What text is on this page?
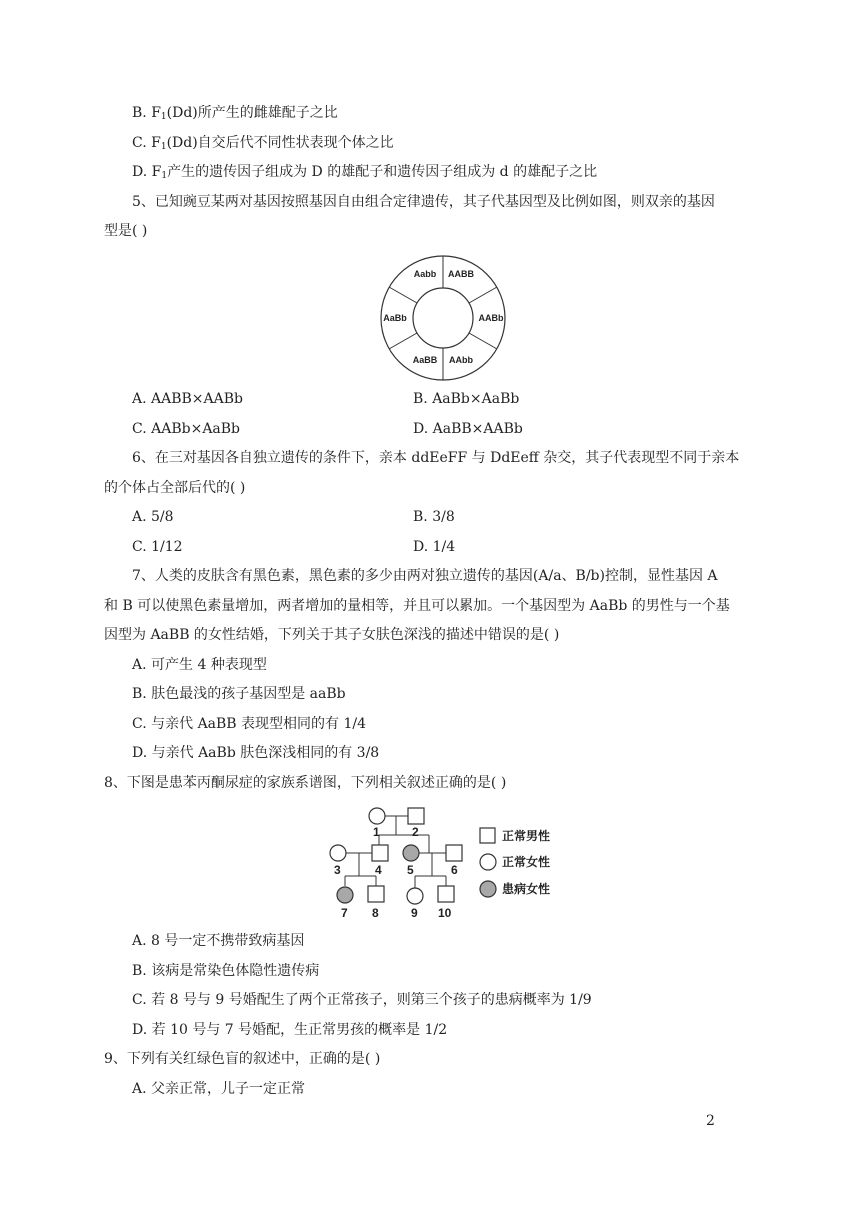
B. $F_1(Dd)$所产生的雌雄配子之比
C. $F_1(Dd)$自交后代不同性状表现个体之比
D. $F_1$产生的遗传因子组成为 D 的雄配子和遗传因子组成为 d 的雄配子之比
5、已知豌豆某两对基因按照基因自由组合定律遗传，其子代基因型及比例如图，则双亲的基因
型是( )
Aabb AABB
AABb
AAbb
AaBB
AaBb
A. AABB×AABb	B. AaBb×AaBb
C. AABb×AaBb	D. AaBB×AABb
6、在三对基因各自独立遗传的条件下，亲本 ddEeFF 与 DdEeff 杂交，其子代表现型不同于亲本
的个体占全部后代的( )
A. 5/8	B. 3/8
C. 1/12	D. 1/4
7、人类的皮肤含有黑色素，黑色素的多少由两对独立遗传的基因(A/a、B/b)控制，显性基因 A
和 B 可以使黑色素量增加，两者增加的量相等，并且可以累加。一个基因型为 AaBb 的男性与一个基
因型为 AaBB 的女性结婚，下列关于其子女肤色深浅的描述中错误的是( )
A. 可产生 4 种表现型
B. 肤色最浅的孩子基因型是 aaBb
C. 与亲代 AaBB 表现型相同的有 1/4
D. 与亲代 AaBb 肤色深浅相同的有 3/8
8、下图是患苯丙酮尿症的家族系谱图，下列相关叙述正确的是( )
1	2
3	4 5	6
7 8	9 10
正常男性
正常女性
患病女性
A. 8 号一定不携带致病基因
B. 该病是常染色体隐性遗传病
C. 若 8 号与 9 号婚配生了两个正常孩子，则第三个孩子的患病概率为 1/9
D. 若 10 号与 7 号婚配，生正常男孩的概率是 1/2
9、下列有关红绿色盲的叙述中，正确的是( )
A. 父亲正常，儿子一定正常
2
